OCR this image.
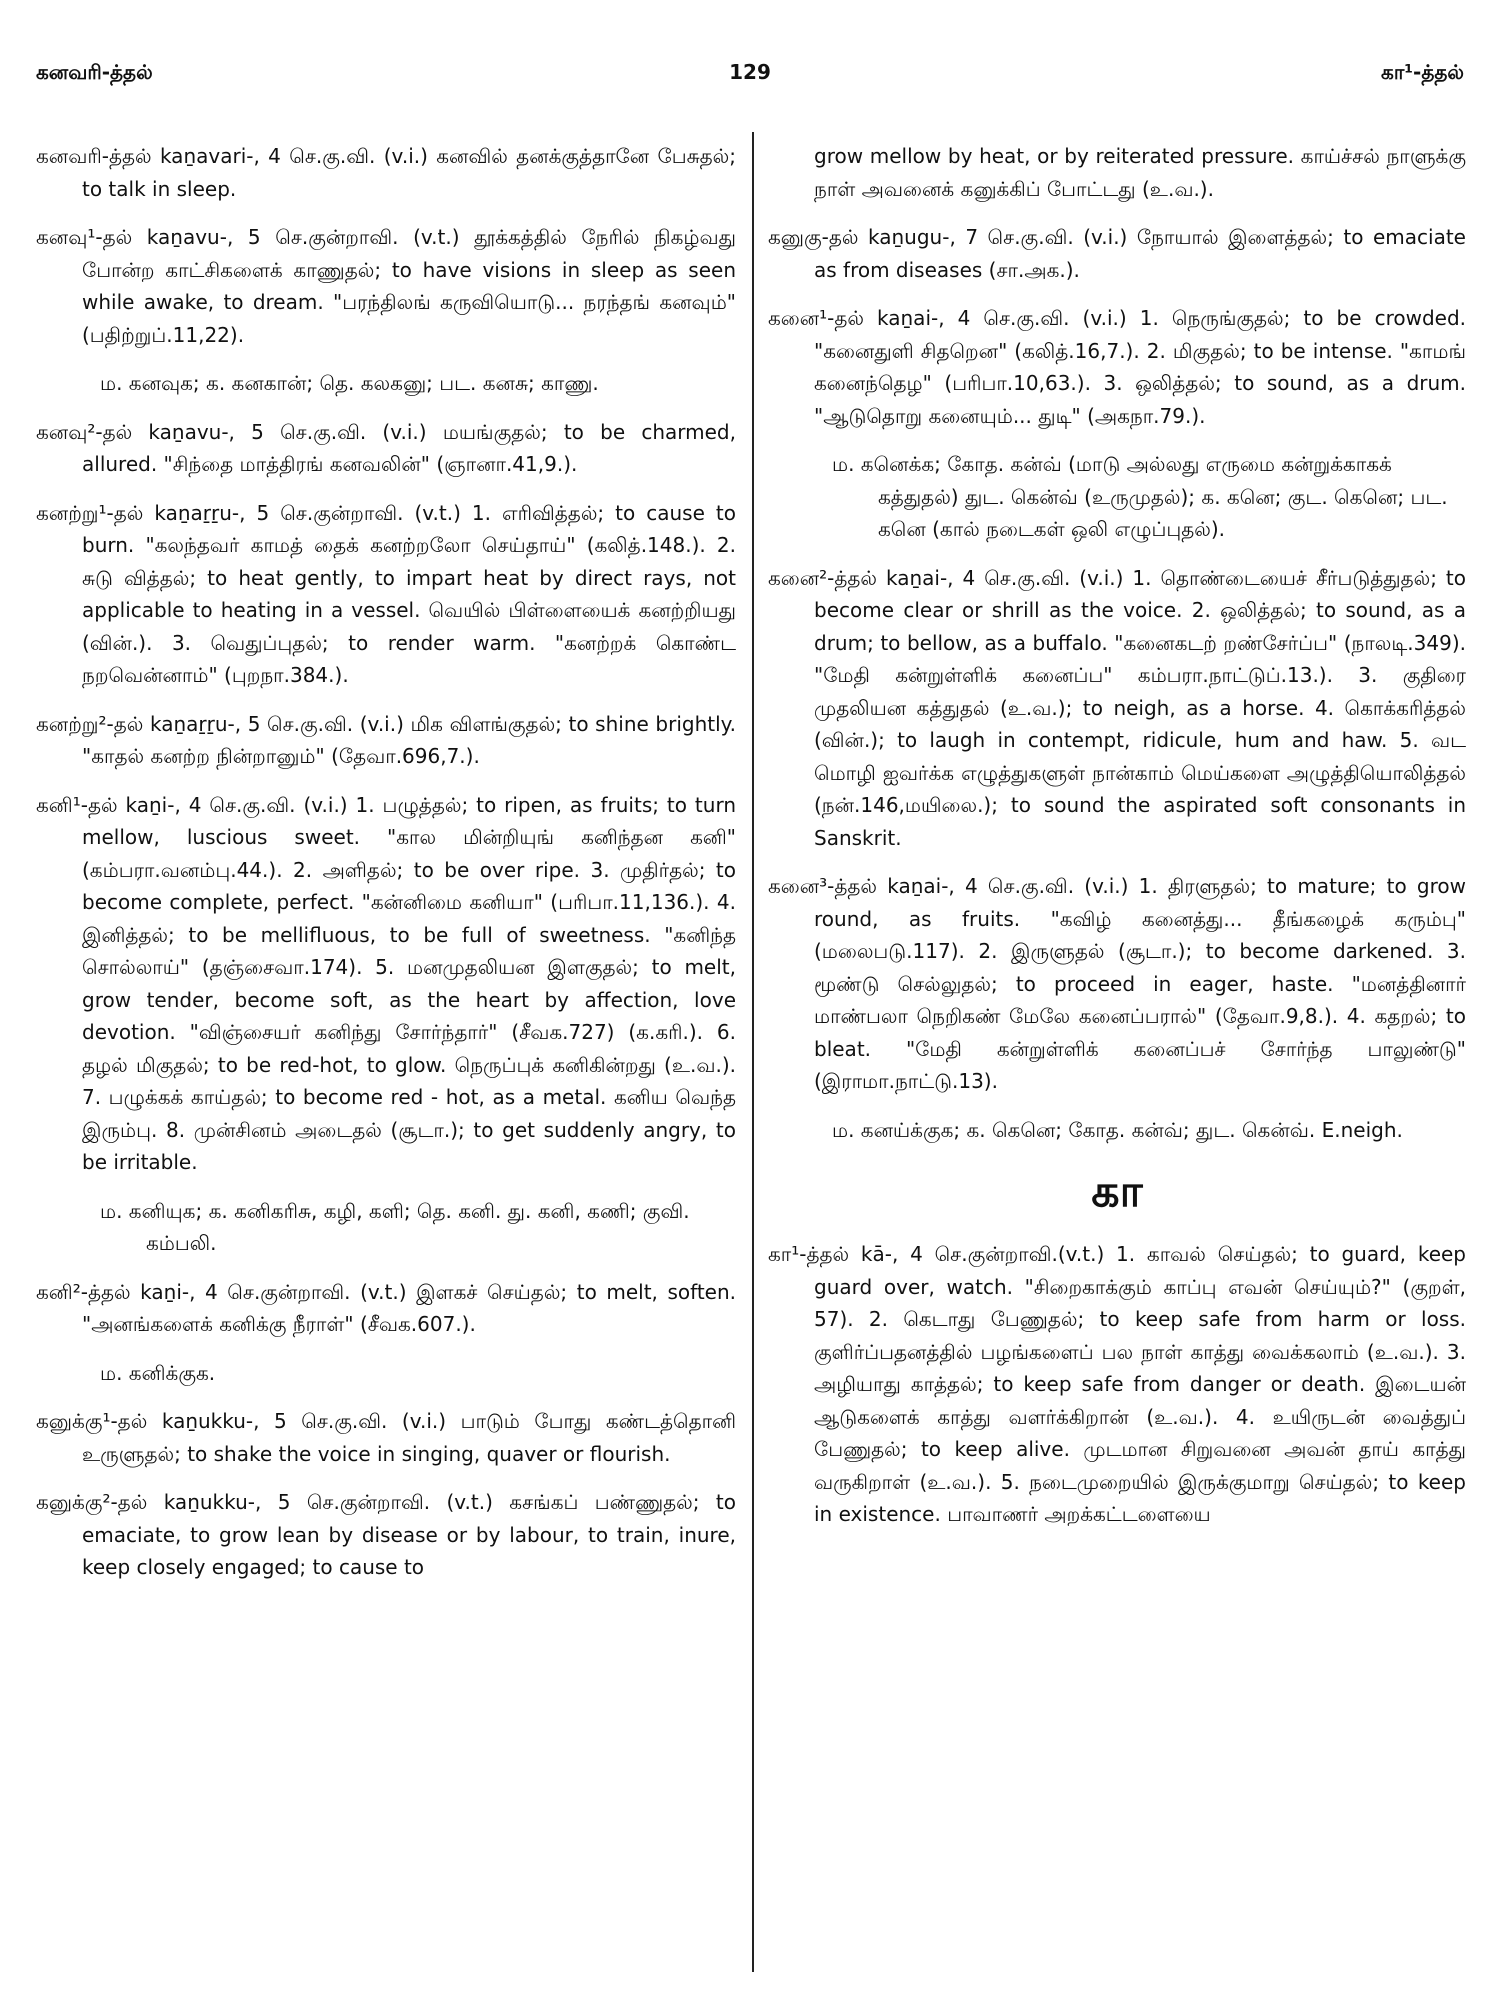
கனவரி-த்தல்	129	கா¹-த்தல்

கனவரி-த்தல் kaṉavari-, 4 செ.கு.வி. (v.i.) கனவில் தனக்குத்தானே பேசுதல்; to talk in sleep.

கனவு¹-தல் kaṉavu-, 5 செ.குன்றாவி. (v.t.) தூக்கத்தில் நேரில் நிகழ்வது போன்ற காட்சிகளைக் காணுதல்; to have visions in sleep as seen while awake, to dream. "பரந்திலங் கருவியொடு... நரந்தங் கனவும்" (பதிற்றுப்.11,22).

ம. கனவுக; க. கனகான்; தெ. கலகனு; பட. கனசு; காணு.

கனவு²-தல் kaṉavu-, 5 செ.கு.வி. (v.i.) மயங்குதல்; to be charmed, allured. "சிந்தை மாத்திரங் கனவலின்" (ஞானா.41,9.).

கனற்று¹-தல் kaṉaṟṟu-, 5 செ.குன்றாவி. (v.t.) 1. எரிவித்தல்; to cause to burn. "கலந்தவர் காமத் தைக் கனற்றலோ செய்தாய்" (கலித்.148.). 2. சுடு வித்தல்; to heat gently, to impart heat by direct rays, not applicable to heating in a vessel. வெயில் பிள்ளையைக் கனற்றியது (வின்.). 3. வெதுப்புதல்; to render warm. "கனற்றக் கொண்ட நறவென்னாம்" (புறநா.384.).

கனற்று²-தல் kaṉaṟṟu-, 5 செ.கு.வி. (v.i.) மிக விளங்குதல்; to shine brightly. "காதல் கனற்ற நின்றானும்" (தேவா.696,7.).

கனி¹-தல் kaṉi-, 4 செ.கு.வி. (v.i.) 1. பழுத்தல்; to ripen, as fruits; to turn mellow, luscious sweet. "கால மின்றியுங் கனிந்தன கனி" (கம்பரா.வனம்பு.44.). 2. அளிதல்; to be over ripe. 3. முதிர்தல்; to become complete, perfect. "கன்னிமை கனியா" (பரிபா.11,136.). 4. இனித்தல்; to be mellifluous, to be full of sweetness. "கனிந்த சொல்லாய்" (தஞ்சைவா.174). 5. மனமுதலியன இளகுதல்; to melt, grow tender, become soft, as the heart by affection, love devotion. "விஞ்சையர் கனிந்து சோர்ந்தார்" (சீவக.727) (க.கரி.). 6. தழல் மிகுதல்; to be red-hot, to glow. நெருப்புக் கனிகின்றது (உ.வ.). 7. பழுக்கக் காய்தல்; to become red - hot, as a metal. கனிய வெந்த இரும்பு. 8. முன்சினம் அடைதல் (சூடா.); to get suddenly angry, to be irritable.

ம. கனியுக; க. கனிகரிசு, கழி, களி; தெ. கனி. து. கனி, கணி; குவி. கம்பலி.

கனி²-த்தல் kaṉi-, 4 செ.குன்றாவி. (v.t.) இளகச் செய்தல்; to melt, soften. "அனங்களைக் கனிக்கு நீராள்" (சீவக.607.).

ம. கனிக்குக.

கனுக்கு¹-தல் kaṉukku-, 5 செ.கு.வி. (v.i.) பாடும் போது கண்டத்தொனி உருளுதல்; to shake the voice in singing, quaver or flourish.

கனுக்கு²-தல் kaṉukku-, 5 செ.குன்றாவி. (v.t.) கசங்கப் பண்ணுதல்; to emaciate, to grow lean by disease or by labour, to train, inure, keep closely engaged; to cause to

grow mellow by heat, or by reiterated pressure. காய்ச்சல் நாளுக்கு நாள் அவனைக் கனுக்கிப் போட்டது (உ.வ.).

கனுகு-தல் kaṉugu-, 7 செ.கு.வி. (v.i.) நோயால் இளைத்தல்; to emaciate as from diseases (சா.அக.).

கனை¹-தல் kaṉai-, 4 செ.கு.வி. (v.i.) 1. நெருங்குதல்; to be crowded. "கனைதுளி சிதறென" (கலித்.16,7.). 2. மிகுதல்; to be intense. "காமங் கனைந்தெழ" (பரிபா.10,63.). 3. ஒலித்தல்; to sound, as a drum. "ஆடுதொறு கனையும்... துடி" (அகநா.79.).

ம. கனெக்க; கோத. கன்வ் (மாடு அல்லது எருமை கன்றுக்காகக் கத்துதல்) துட. கென்வ் (உருமுதல்); க. கனெ; குட. கெனெ; பட. கனெ (கால் நடைகள் ஒலி எழுப்புதல்).

கனை²-த்தல் kaṉai-, 4 செ.கு.வி. (v.i.) 1. தொண்டையைச் சீர்படுத்துதல்; to become clear or shrill as the voice. 2. ஒலித்தல்; to sound, as a drum; to bellow, as a buffalo. "கனைகடற் றண்சேர்ப்ப" (நாலடி.349). "மேதி கன்றுள்ளிக் கனைப்ப" கம்பரா.நாட்டுப்.13.). 3. குதிரை முதலியன கத்துதல் (உ.வ.); to neigh, as a horse. 4. கொக்கரித்தல் (வின்.); to laugh in contempt, ridicule, hum and haw. 5. வட மொழி ஐவர்க்க எழுத்துகளுள் நான்காம் மெய்களை அழுத்தியொலித்தல் (நன்.146,மயிலை.); to sound the aspirated soft consonants in Sanskrit.

கனை³-த்தல் kaṉai-, 4 செ.கு.வி. (v.i.) 1. திரளுதல்; to mature; to grow round, as fruits. "கவிழ் கனைத்து... தீங்கழைக் கரும்பு" (மலைபடு.117). 2. இருளுதல் (சூடா.); to become darkened. 3. மூண்டு செல்லுதல்; to proceed in eager, haste. "மனத்தினார் மாண்பலா நெறிகண் மேலே கனைப்பரால்" (தேவா.9,8.). 4. கதறல்; to bleat. "மேதி கன்றுள்ளிக் கனைப்பச் சோர்ந்த பாலுண்டு" (இராமா.நாட்டு.13).

ம. கனய்க்குக; க. கெனெ; கோத. கன்வ்; துட. கென்வ். E.neigh.

கா

கா¹-த்தல் kā-, 4 செ.குன்றாவி.(v.t.) 1. காவல் செய்தல்; to guard, keep guard over, watch. "சிறைகாக்கும் காப்பு எவன் செய்யும்?" (குறள், 57). 2. கெடாது பேணுதல்; to keep safe from harm or loss. குளிர்ப்பதனத்தில் பழங்களைப் பல நாள் காத்து வைக்கலாம் (உ.வ.). 3. அழியாது காத்தல்; to keep safe from danger or death. இடையன் ஆடுகளைக் காத்து வளர்க்கிறான் (உ.வ.). 4. உயிருடன் வைத்துப் பேணுதல்; to keep alive. முடமான சிறுவனை அவன் தாய் காத்து வருகிறாள் (உ.வ.). 5. நடைமுறையில் இருக்குமாறு செய்தல்; to keep in existence. பாவாணர் அறக்கட்டளையை
